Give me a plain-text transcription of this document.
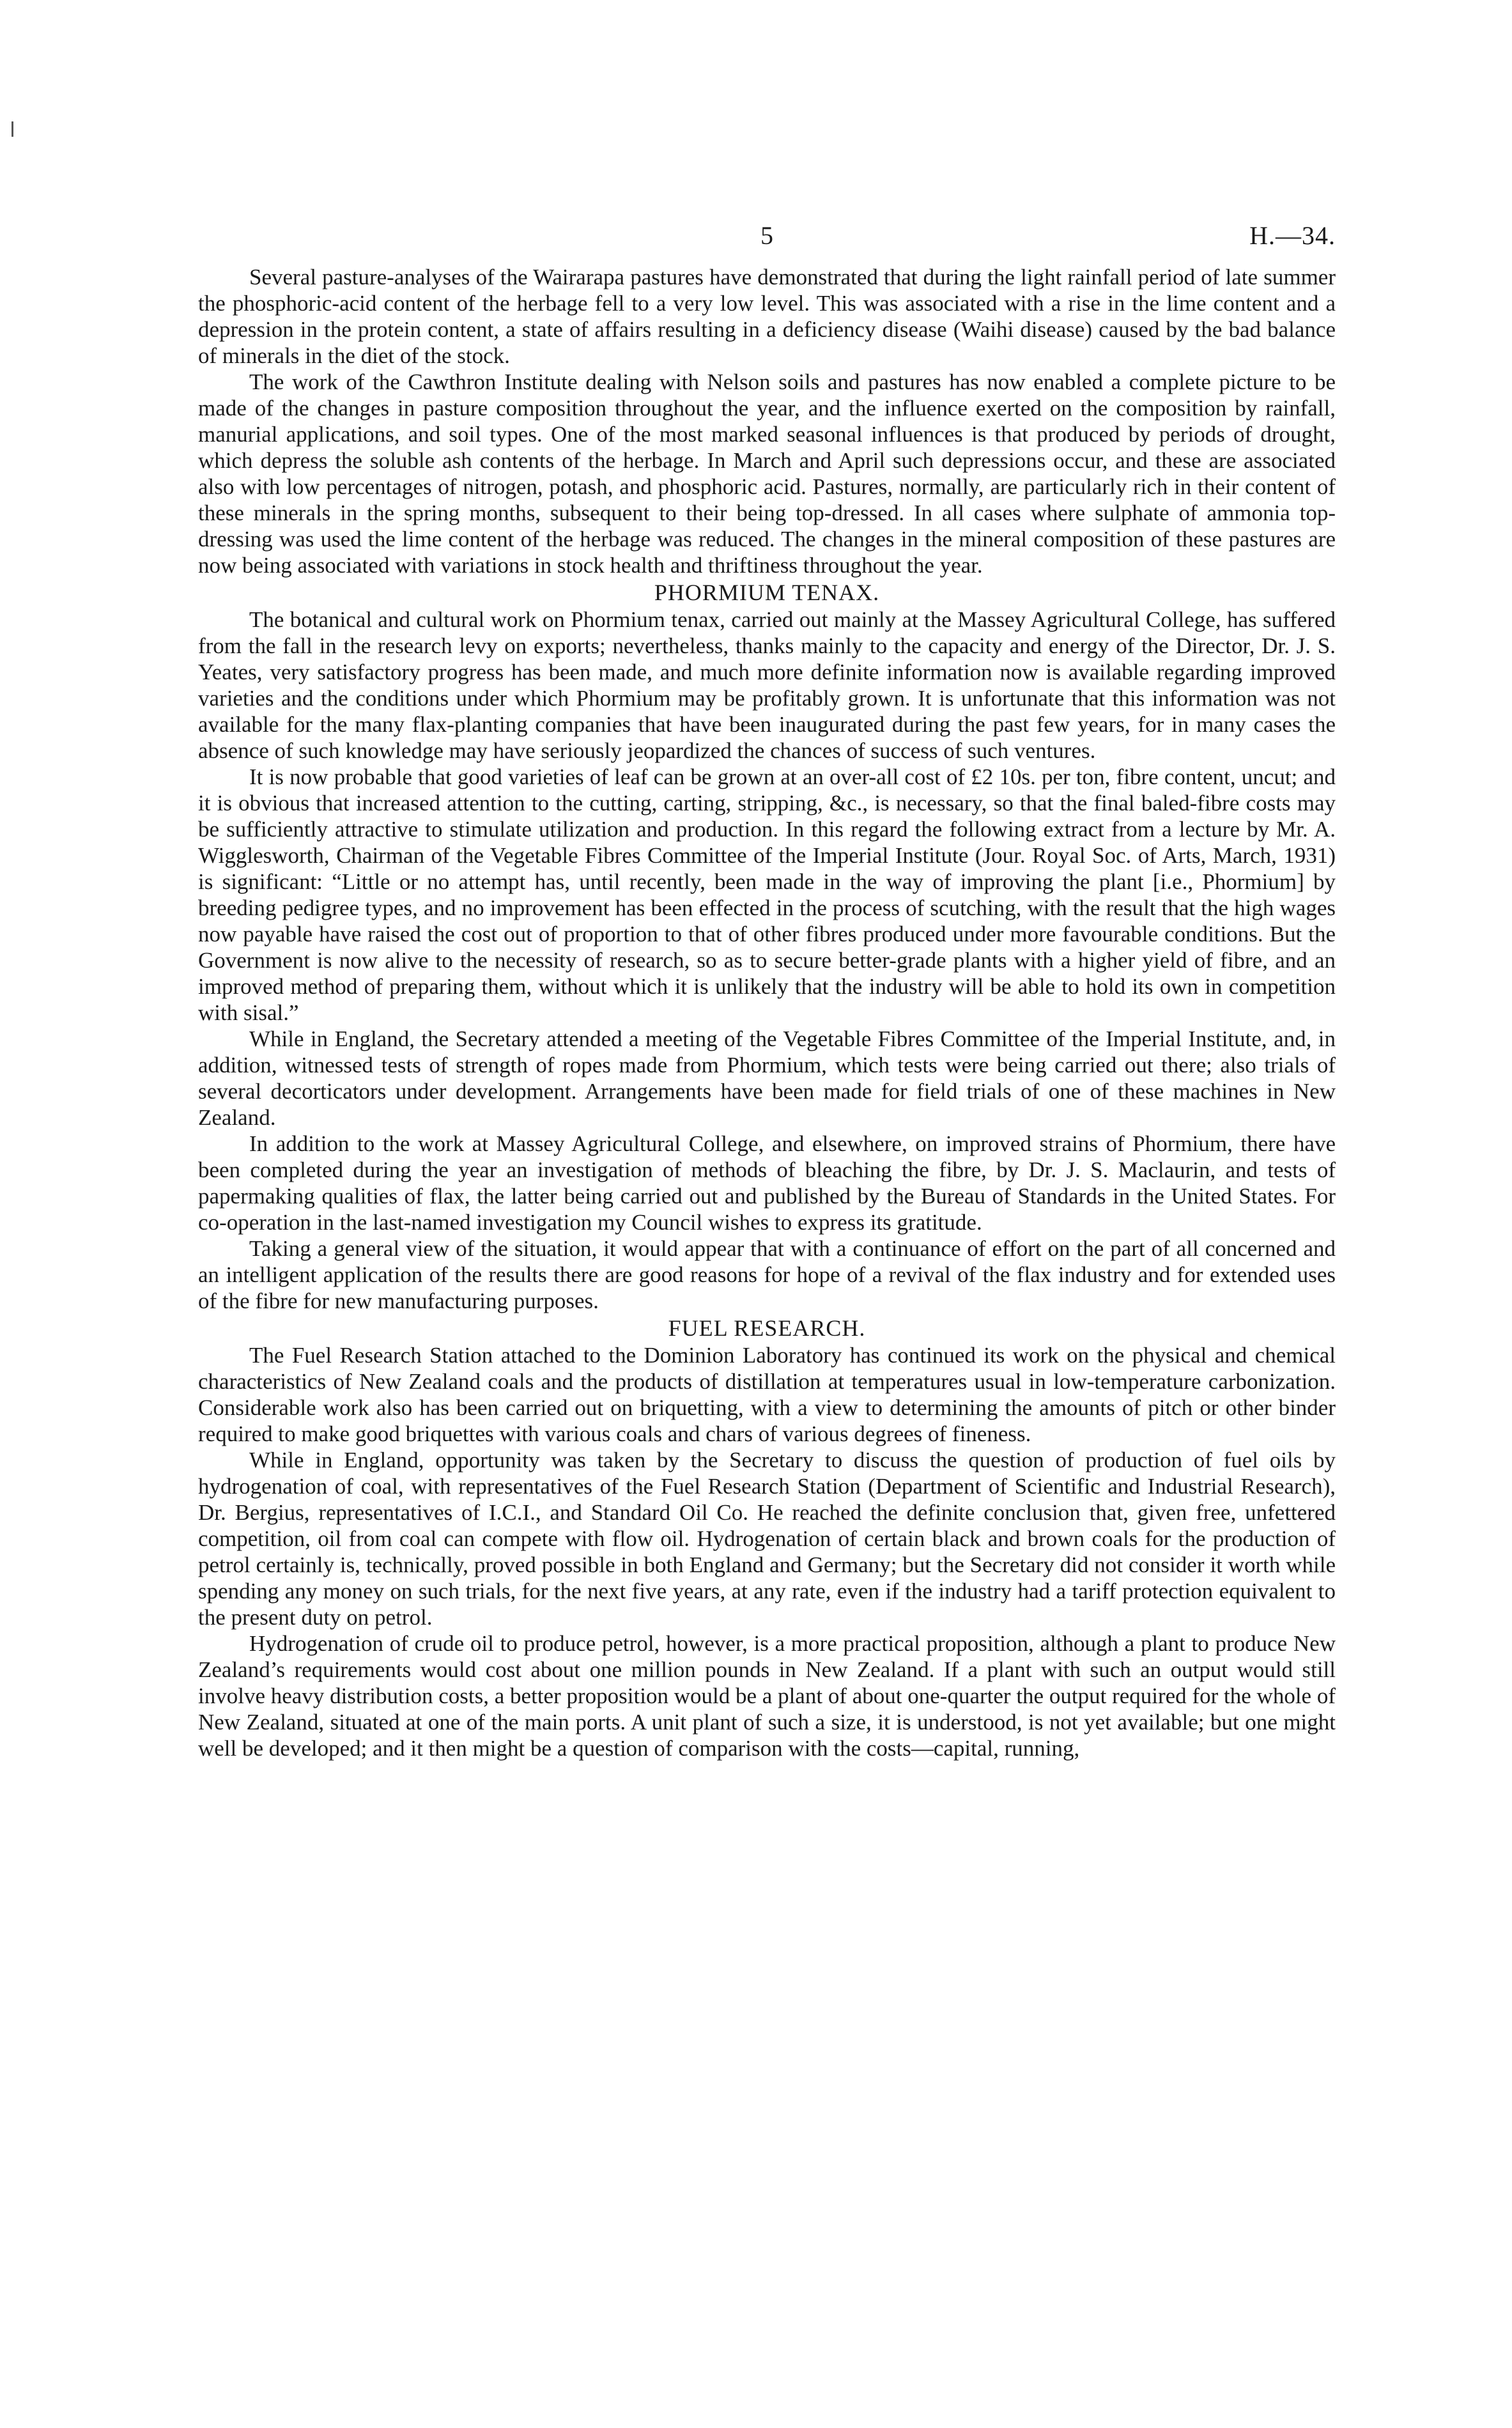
5	H.—34.

Several pasture-analyses of the Wairarapa pastures have demonstrated that during the light rainfall period of late summer the phosphoric-acid content of the herbage fell to a very low level. This was associated with a rise in the lime content and a depression in the protein content, a state of affairs resulting in a deficiency disease (Waihi disease) caused by the bad balance of minerals in the diet of the stock.

The work of the Cawthron Institute dealing with Nelson soils and pastures has now enabled a complete picture to be made of the changes in pasture composition throughout the year, and the influence exerted on the composition by rainfall, manurial applications, and soil types. One of the most marked seasonal influences is that produced by periods of drought, which depress the soluble ash contents of the herbage. In March and April such depressions occur, and these are associated also with low percentages of nitrogen, potash, and phosphoric acid. Pastures, normally, are particularly rich in their content of these minerals in the spring months, subsequent to their being top-dressed. In all cases where sulphate of ammonia top-dressing was used the lime content of the herbage was reduced. The changes in the mineral composition of these pastures are now being associated with variations in stock health and thriftiness throughout the year.

PHORMIUM TENAX.

The botanical and cultural work on Phormium tenax, carried out mainly at the Massey Agricultural College, has suffered from the fall in the research levy on exports; nevertheless, thanks mainly to the capacity and energy of the Director, Dr. J. S. Yeates, very satisfactory progress has been made, and much more definite information now is available regarding improved varieties and the conditions under which Phormium may be profitably grown. It is unfortunate that this information was not available for the many flax-planting companies that have been inaugurated during the past few years, for in many cases the absence of such knowledge may have seriously jeopardized the chances of success of such ventures.

It is now probable that good varieties of leaf can be grown at an over-all cost of £2 10s. per ton, fibre content, uncut; and it is obvious that increased attention to the cutting, carting, stripping, &c., is necessary, so that the final baled-fibre costs may be sufficiently attractive to stimulate utilization and production. In this regard the following extract from a lecture by Mr. A. Wigglesworth, Chairman of the Vegetable Fibres Committee of the Imperial Institute (Jour. Royal Soc. of Arts, March, 1931) is significant: “Little or no attempt has, until recently, been made in the way of improving the plant [i.e., Phormium] by breeding pedigree types, and no improvement has been effected in the process of scutching, with the result that the high wages now payable have raised the cost out of proportion to that of other fibres produced under more favourable conditions. But the Government is now alive to the necessity of research, so as to secure better-grade plants with a higher yield of fibre, and an improved method of preparing them, without which it is unlikely that the industry will be able to hold its own in competition with sisal.”

While in England, the Secretary attended a meeting of the Vegetable Fibres Committee of the Imperial Institute, and, in addition, witnessed tests of strength of ropes made from Phormium, which tests were being carried out there; also trials of several decorticators under development. Arrangements have been made for field trials of one of these machines in New Zealand.

In addition to the work at Massey Agricultural College, and elsewhere, on improved strains of Phormium, there have been completed during the year an investigation of methods of bleaching the fibre, by Dr. J. S. Maclaurin, and tests of papermaking qualities of flax, the latter being carried out and published by the Bureau of Standards in the United States. For co-operation in the last-named investigation my Council wishes to express its gratitude.

Taking a general view of the situation, it would appear that with a continuance of effort on the part of all concerned and an intelligent application of the results there are good reasons for hope of a revival of the flax industry and for extended uses of the fibre for new manufacturing purposes.

FUEL RESEARCH.

The Fuel Research Station attached to the Dominion Laboratory has continued its work on the physical and chemical characteristics of New Zealand coals and the products of distillation at temperatures usual in low-temperature carbonization. Considerable work also has been carried out on briquetting, with a view to determining the amounts of pitch or other binder required to make good briquettes with various coals and chars of various degrees of fineness.

While in England, opportunity was taken by the Secretary to discuss the question of production of fuel oils by hydrogenation of coal, with representatives of the Fuel Research Station (Department of Scientific and Industrial Research), Dr. Bergius, representatives of I.C.I., and Standard Oil Co. He reached the definite conclusion that, given free, unfettered competition, oil from coal can compete with flow oil. Hydrogenation of certain black and brown coals for the production of petrol certainly is, technically, proved possible in both England and Germany; but the Secretary did not consider it worth while spending any money on such trials, for the next five years, at any rate, even if the industry had a tariff protection equivalent to the present duty on petrol.

Hydrogenation of crude oil to produce petrol, however, is a more practical proposition, although a plant to produce New Zealand’s requirements would cost about one million pounds in New Zealand. If a plant with such an output would still involve heavy distribution costs, a better proposition would be a plant of about one-quarter the output required for the whole of New Zealand, situated at one of the main ports. A unit plant of such a size, it is understood, is not yet available; but one might well be developed; and it then might be a question of comparison with the costs—capital, running,
